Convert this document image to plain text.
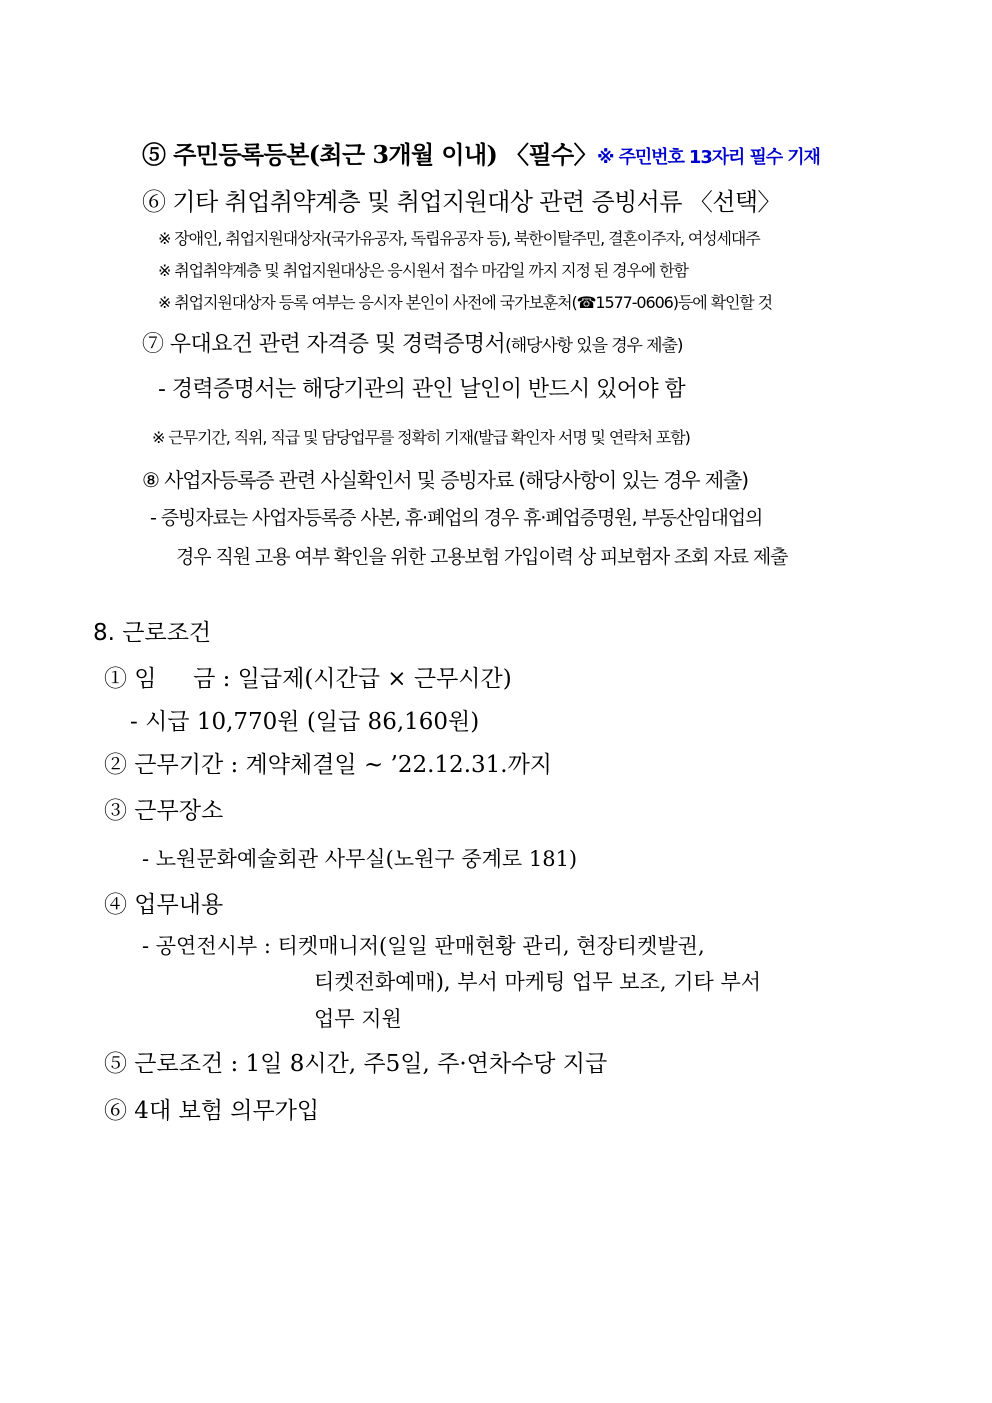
⑤ 주민등록등본(최근 3개월 이내) 〈필수〉※ 주민번호 13자리 필수 기재
⑥ 기타 취업취약계층 및 취업지원대상 관련 증빙서류 〈선택〉
※ 장애인, 취업지원대상자(국가유공자, 독립유공자 등), 북한이탈주민, 결혼이주자, 여성세대주
※ 취업취약계층 및 취업지원대상은 응시원서 접수 마감일 까지 지정 된 경우에 한함
※ 취업지원대상자 등록 여부는 응시자 본인이 사전에 국가보훈처(☎1577-0606)등에 확인할 것
⑦ 우대요건 관련 자격증 및 경력증명서(해당사항 있을 경우 제출)
- 경력증명서는 해당기관의 관인 날인이 반드시 있어야 함
※ 근무기간, 직위, 직급 및 담당업무를 정확히 기재(발급 확인자 서명 및 연락처 포함)
⑧ 사업자등록증 관련 사실확인서 및 증빙자료 (해당사항이 있는 경우 제출)
- 증빙자료는 사업자등록증 사본, 휴·폐업의 경우 휴·폐업증명원, 부동산임대업의
경우 직원 고용 여부 확인을 위한 고용보험 가입이력 상 피보험자 조회 자료 제출
8. 근로조건
① 임     금 : 일급제(시간급 × 근무시간)
- 시급 10,770원 (일급 86,160원)
② 근무기간 : 계약체결일 ~ ’22.12.31.까지
③ 근무장소
- 노원문화예술회관 사무실(노원구 중계로 181)
④ 업무내용
- 공연전시부 : 티켓매니저(일일 판매현황 관리, 현장티켓발권,
티켓전화예매), 부서 마케팅 업무 보조, 기타 부서
업무 지원
⑤ 근로조건 : 1일 8시간, 주5일, 주·연차수당 지급
⑥ 4대 보험 의무가입
